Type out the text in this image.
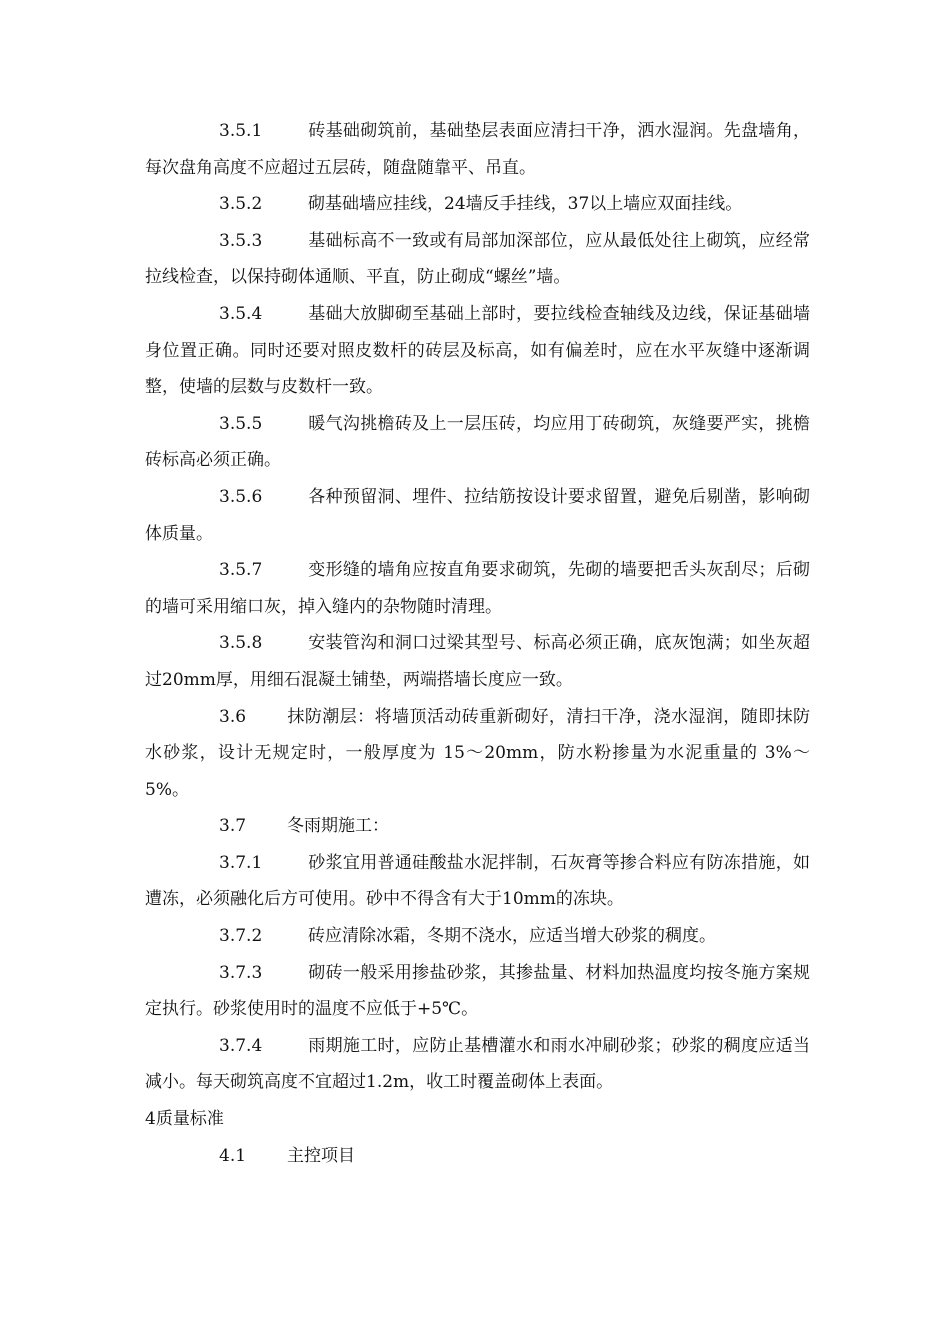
3.5.1	砖基础砌筑前，基础垫层表面应清扫干净，洒水湿润。先盘墙角，每次盘角高度不应超过五层砖，随盘随靠平、吊直。

3.5.2	砌基础墙应挂线，24墙反手挂线，37以上墙应双面挂线。

3.5.3	基础标高不一致或有局部加深部位，应从最低处往上砌筑，应经常拉线检查，以保持砌体通顺、平直，防止砌成“螺丝”墙。

3.5.4	基础大放脚砌至基础上部时，要拉线检查轴线及边线，保证基础墙身位置正确。同时还要对照皮数杆的砖层及标高，如有偏差时，应在水平灰缝中逐渐调整，使墙的层数与皮数杆一致。

3.5.5	暖气沟挑檐砖及上一层压砖，均应用丁砖砌筑，灰缝要严实，挑檐砖标高必须正确。

3.5.6	各种预留洞、埋件、拉结筋按设计要求留置，避免后剔凿，影响砌体质量。

3.5.7	变形缝的墙角应按直角要求砌筑，先砌的墙要把舌头灰刮尽；后砌的墙可采用缩口灰，掉入缝内的杂物随时清理。

3.5.8	安装管沟和洞口过梁其型号、标高必须正确，底灰饱满；如坐灰超过20mm厚，用细石混凝土铺垫，两端搭墙长度应一致。

3.6 抹防潮层：将墙顶活动砖重新砌好，清扫干净，浇水湿润，随即抹防水砂浆，设计无规定时，一般厚度为 15～20mm，防水粉掺量为水泥重量的 3%～5%。

3.7 冬雨期施工：

3.7.1	砂浆宜用普通硅酸盐水泥拌制，石灰膏等掺合料应有防冻措施，如遭冻，必须融化后方可使用。砂中不得含有大于10mm的冻块。

3.7.2	砖应清除冰霜，冬期不浇水，应适当增大砂浆的稠度。

3.7.3	砌砖一般采用掺盐砂浆，其掺盐量、材料加热温度均按冬施方案规定执行。砂浆使用时的温度不应低于+5℃。

3.7.4	雨期施工时，应防止基槽灌水和雨水冲刷砂浆；砂浆的稠度应适当减小。每天砌筑高度不宜超过1.2m，收工时覆盖砌体上表面。

4质量标准

4.1 主控项目
